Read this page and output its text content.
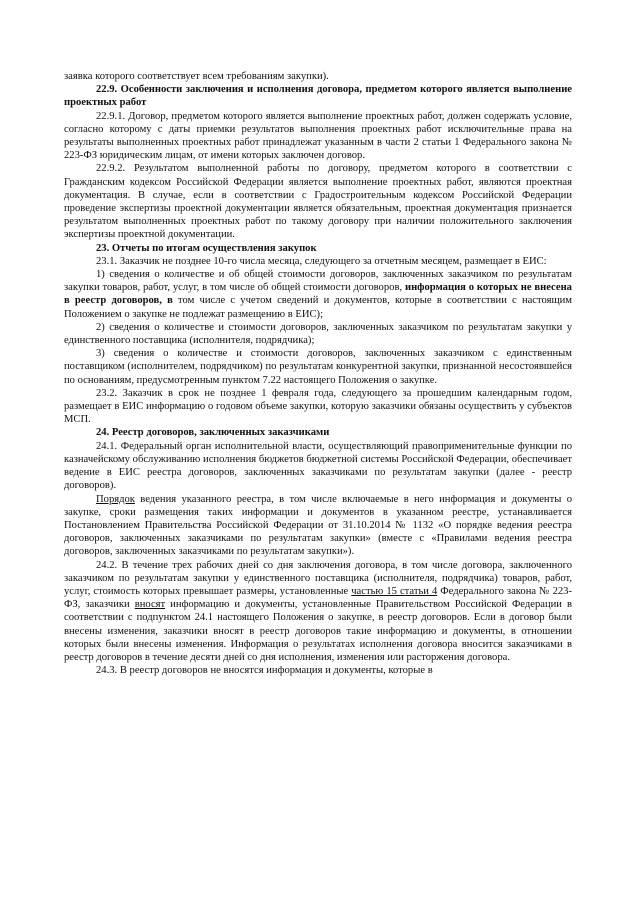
заявка которого соответствует всем требованиям закупки).

22.9. Особенности заключения и исполнения договора, предметом которого является выполнение проектных работ

22.9.1. Договор, предметом которого является выполнение проектных работ, должен содержать условие, согласно которому с даты приемки результатов выполнения проектных работ исключительные права на результаты выполненных проектных работ принадлежат указанным в части 2 статьи 1 Федерального закона № 223-ФЗ юридическим лицам, от имени которых заключен договор.

22.9.2. Результатом выполненной работы по договору, предметом которого в соответствии с Гражданским кодексом Российской Федерации является выполнение проектных работ, являются проектная документация. В случае, если в соответствии с Градостроительным кодексом Российской Федерации проведение экспертизы проектной документации является обязательным, проектная документация признается результатом выполненных проектных работ по такому договору при наличии положительного заключения экспертизы проектной документации.

23. Отчеты по итогам осуществления закупок

23.1. Заказчик не позднее 10-го числа месяца, следующего за отчетным месяцем, размещает в ЕИС:

1) сведения о количестве и об общей стоимости договоров, заключенных заказчиком по результатам закупки товаров, работ, услуг, в том числе об общей стоимости договоров, информация о которых не внесена в реестр договоров, в том числе с учетом сведений и документов, которые в соответствии с настоящим Положением о закупке не подлежат размещению в ЕИС);

2) сведения о количестве и стоимости договоров, заключенных заказчиком по результатам закупки у единственного поставщика (исполнителя, подрядчика);

3) сведения о количестве и стоимости договоров, заключенных заказчиком с единственным поставщиком (исполнителем, подрядчиком) по результатам конкурентной закупки, признанной несостоявшейся по основаниям, предусмотренным пунктом 7.22 настоящего Положения о закупке.

23.2. Заказчик в срок не позднее 1 февраля года, следующего за прошедшим календарным годом, размещает в ЕИС информацию о годовом объеме закупки, которую заказчики обязаны осуществить у субъектов МСП.

24. Реестр договоров, заключенных заказчиками

24.1. Федеральный орган исполнительной власти, осуществляющий правоприменительные функции по казначейскому обслуживанию исполнения бюджетов бюджетной системы Российской Федерации, обеспечивает ведение в ЕИС реестра договоров, заключенных заказчиками по результатам закупки (далее - реестр договоров).

Порядок ведения указанного реестра, в том числе включаемые в него информация и документы о закупке, сроки размещения таких информации и документов в указанном реестре, устанавливается Постановлением Правительства Российской Федерации от 31.10.2014 № 1132 «О порядке ведения реестра договоров, заключенных заказчиками по результатам закупки» (вместе с «Правилами ведения реестра договоров, заключенных заказчиками по результатам закупки»).

24.2. В течение трех рабочих дней со дня заключения договора, в том числе договора, заключенного заказчиком по результатам закупки у единственного поставщика (исполнителя, подрядчика) товаров, работ, услуг, стоимость которых превышает размеры, установленные частью 15 статьи 4 Федерального закона № 223-ФЗ, заказчики вносят информацию и документы, установленные Правительством Российской Федерации в соответствии с подпунктом 24.1 настоящего Положения о закупке, в реестр договоров. Если в договор были внесены изменения, заказчики вносят в реестр договоров такие информацию и документы, в отношении которых были внесены изменения. Информация о результатах исполнения договора вносится заказчиками в реестр договоров в течение десяти дней со дня исполнения, изменения или расторжения договора.

24.3. В реестр договоров не вносятся информация и документы, которые в
